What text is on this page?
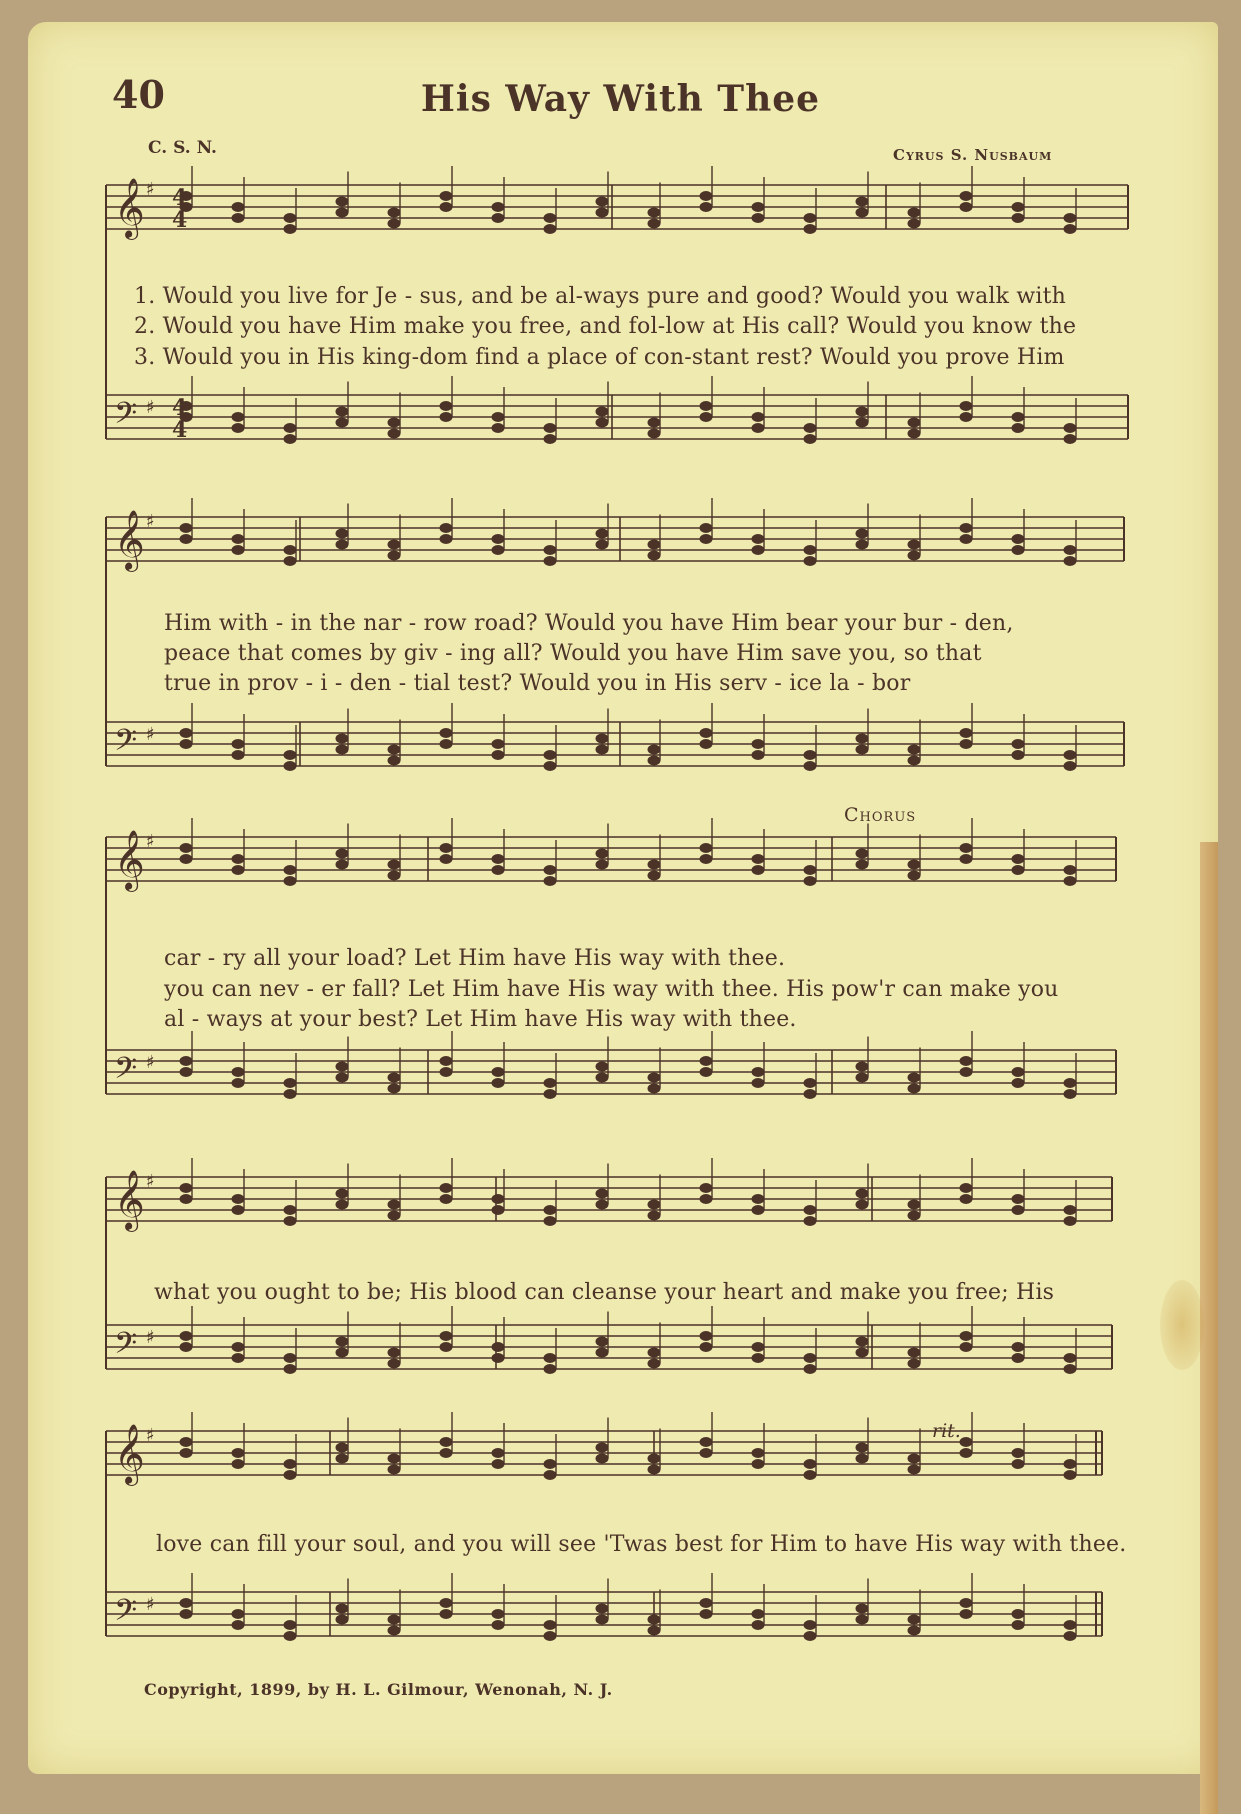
40	His Way With Thee
C. S. N.	Cyrus S. Nusbaum
Chorus
rit.
1. Would you live for Je - sus, and be al-ways pure and good? Would you walk with
2. Would you have Him make you free, and fol-low at His call? Would you know the
3. Would you in His king-dom find a place of con-stant rest? Would you prove Him
Him with - in the nar - row road? Would you have Him bear your bur - den,
peace that comes by giv - ing all? Would you have Him save you, so that
true in prov - i - den - tial test? Would you in His serv - ice la - bor
car - ry all your load? Let Him have His way with thee.
you can nev - er fall? Let Him have His way with thee. His pow'r can make you
al - ways at your best? Let Him have His way with thee.
what you ought to be; His blood can cleanse your heart and make you free; His
love can fill your soul, and you will see 'Twas best for Him to have His way with thee.
Copyright, 1899, by H. L. Gilmour, Wenonah, N. J.
𝄞 ♯
𝄢 ♯
𝄞 ♯
𝄢 ♯
𝄞 ♯
𝄢 ♯
𝄞 ♯
𝄢 ♯
𝄞 ♯
𝄢 ♯
4
4
4
4
